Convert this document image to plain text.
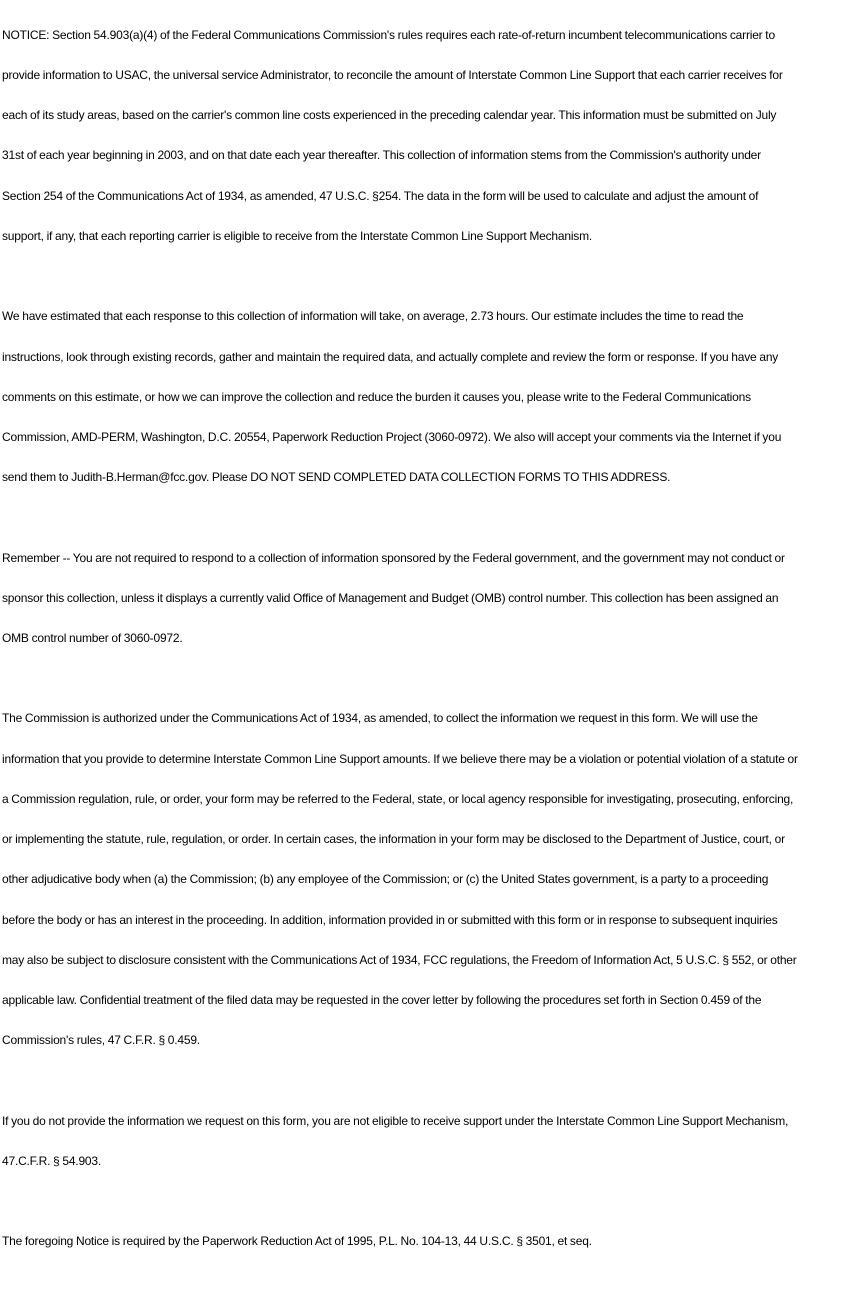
NOTICE: Section 54.903(a)(4) of the Federal Communications Commission's rules requires each rate-of-return incumbent telecommunications carrier to

provide information to USAC, the universal service Administrator, to reconcile the amount of Interstate Common Line Support that each carrier receives for

each of its study areas, based on the carrier's common line costs experienced in the preceding calendar year. This information must be submitted on July

31st of each year beginning in 2003, and on that date each year thereafter. This collection of information stems from the Commission's authority under

Section 254 of the Communications Act of 1934, as amended, 47 U.S.C. §254. The data in the form will be used to calculate and adjust the amount of

support, if any, that each reporting carrier is eligible to receive from the Interstate Common Line Support Mechanism.

We have estimated that each response to this collection of information will take, on average, 2.73 hours. Our estimate includes the time to read the

instructions, look through existing records, gather and maintain the required data, and actually complete and review the form or response. If you have any

comments on this estimate, or how we can improve the collection and reduce the burden it causes you, please write to the Federal Communications

Commission, AMD-PERM, Washington, D.C. 20554, Paperwork Reduction Project (3060-0972). We also will accept your comments via the Internet if you

send them to Judith-B.Herman@fcc.gov. Please DO NOT SEND COMPLETED DATA COLLECTION FORMS TO THIS ADDRESS.

Remember -- You are not required to respond to a collection of information sponsored by the Federal government, and the government may not conduct or

sponsor this collection, unless it displays a currently valid Office of Management and Budget (OMB) control number. This collection has been assigned an

OMB control number of 3060-0972.

The Commission is authorized under the Communications Act of 1934, as amended, to collect the information we request in this form. We will use the

information that you provide to determine Interstate Common Line Support amounts. If we believe there may be a violation or potential violation of a statute or

a Commission regulation, rule, or order, your form may be referred to the Federal, state, or local agency responsible for investigating, prosecuting, enforcing,

or implementing the statute, rule, regulation, or order. In certain cases, the information in your form may be disclosed to the Department of Justice, court, or

other adjudicative body when (a) the Commission; (b) any employee of the Commission; or (c) the United States government, is a party to a proceeding

before the body or has an interest in the proceeding. In addition, information provided in or submitted with this form or in response to subsequent inquiries

may also be subject to disclosure consistent with the Communications Act of 1934, FCC regulations, the Freedom of Information Act, 5 U.S.C. § 552, or other

applicable law. Confidential treatment of the filed data may be requested in the cover letter by following the procedures set forth in Section 0.459 of the

Commission's rules, 47 C.F.R. § 0.459.

If you do not provide the information we request on this form, you are not eligible to receive support under the Interstate Common Line Support Mechanism,

47.C.F.R. § 54.903.

The foregoing Notice is required by the Paperwork Reduction Act of 1995, P.L. No. 104-13, 44 U.S.C. § 3501, et seq.
